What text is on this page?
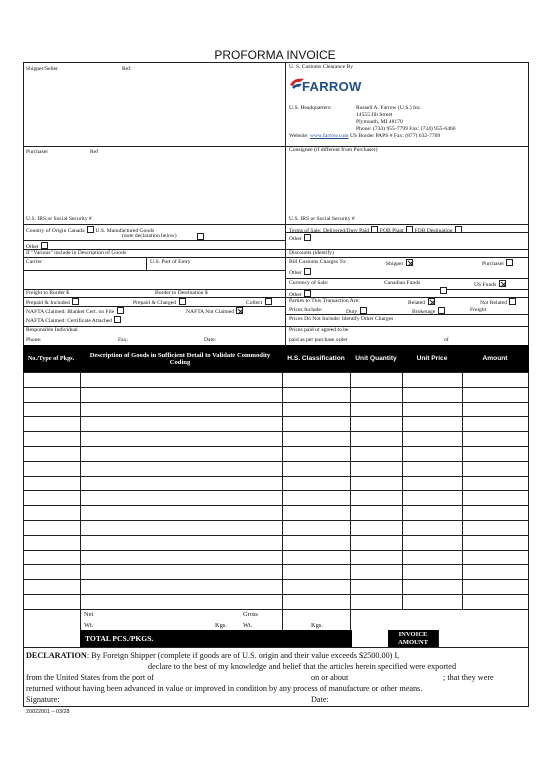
PROFORMA INVOICE
Shipper/Seller	Ref:	U. S. Customs Clearance By
FARROW
U.S. Headquarters:	Russell A. Farrow (U.S.) Inc.
14555 Jib Street
Plymouth, MI 48170
Phone: (734) 955-7799 Fax: (734) 955-6466
Website: www.farrow.com US Border PAPS # Fax: (877) 632-7769
Purchaser	Ref	Consignee (if different from Purchaser)
U.S. IRS or Social Security #	U.S. IRS or Social Security #
Country of Origin Canada U.S. Manufactured Goods

(note declaration below)
Other
If "Various" include in Description of Goods
Terms of Sale: Delivered/Duty Paid FOB Plant FOB Destination
Other
Discounts (identify)
Carrier	U.S. Port of Entry	Bill Customs Charges To:	Shipper	Purchaser
Other
Currency of Sale:	Canadian Funds	US Funds
Freight to Border $	Border to Destination $	Other
Prepaid & Included	Prepaid & Charged	Collect	Parties to This Transaction Are:	Related	Not Related
NAFTA Claimed: Blanket Cert. on File	NAFTA Not Claimed
NAFTA Claimed: Certificate Attached
Prices Include:	Duty	Brokerage	Freight
Prices Do Not Include: Identify Other Charges
Responsible Individual
Phone:	Fax:	Date:
Prices paid or agreed to be
paid as per purchase order	of
No./Type of Pkgs.	Description of Goods in Sufficient Detail to Validate Commodity Coding	H.S. Classification	Unit Quantity	Unit Price	Amount
Net
Wt.	Kgs.
Gross
Wt.	Kgs.
TOTAL PCS./PKGS.	INVOICE AMOUNT
DECLARATION: By Foreign Shipper (complete if goods are of U.S. origin and their value exceeds $2500.00) I,
declare to the best of my knowledge and belief that the articles herein specified were exported
from the United States from the port of	on or about	; that they were
returned without having been advanced in value or improved in condition by any process of manufacture or other means.
Signature:	Date:
20022001 – 03/28
